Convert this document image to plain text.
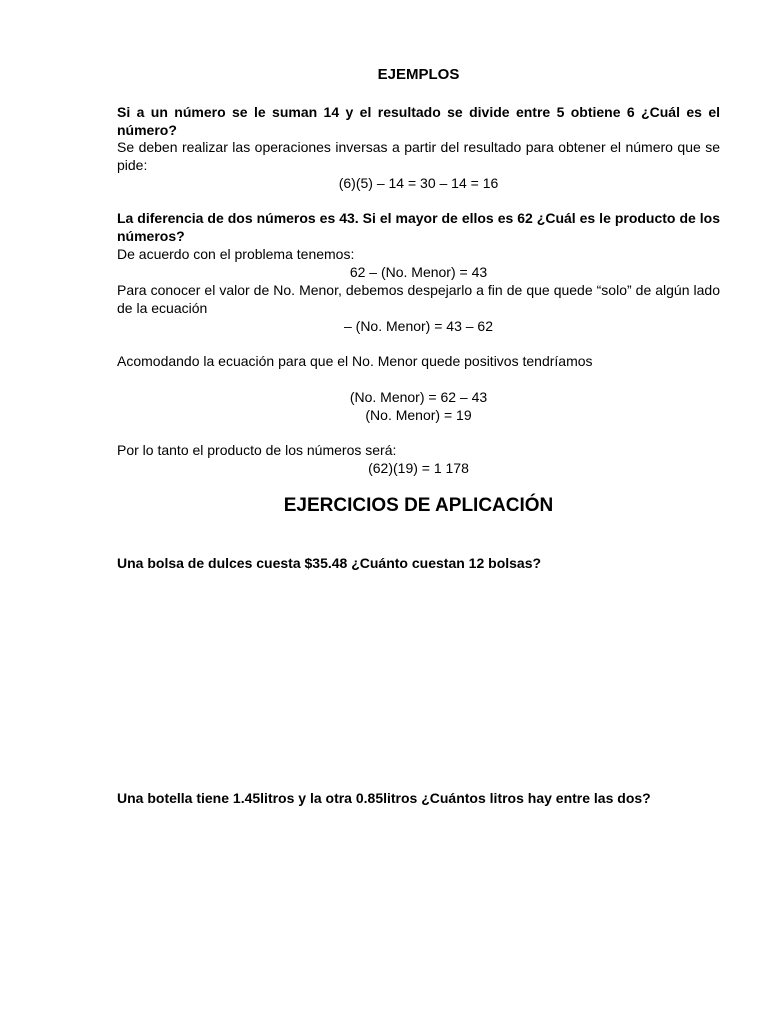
EJEMPLOS

Si a un número se le suman 14 y el resultado se divide entre 5 obtiene 6 ¿Cuál es el número?

Se deben realizar las operaciones inversas a partir del resultado para obtener el número que se pide:

(6)(5) – 14 = 30 – 14 = 16

La diferencia de dos números es 43. Si el mayor de ellos es 62 ¿Cuál es le producto de los números?

De acuerdo con el problema tenemos:

62 – (No. Menor) = 43

Para conocer el valor de No. Menor, debemos despejarlo a fin de que quede “solo” de algún lado de la ecuación

– (No. Menor) = 43 – 62

Acomodando la ecuación para que el No. Menor quede positivos tendríamos

(No. Menor) = 62 – 43

(No. Menor) = 19

Por lo tanto el producto de los números será:

(62)(19) = 1 178

EJERCICIOS DE APLICACIÓN

Una bolsa de dulces cuesta $35.48 ¿Cuánto cuestan 12 bolsas?

Una botella tiene 1.45litros y la otra 0.85litros ¿Cuántos litros hay entre las dos?
